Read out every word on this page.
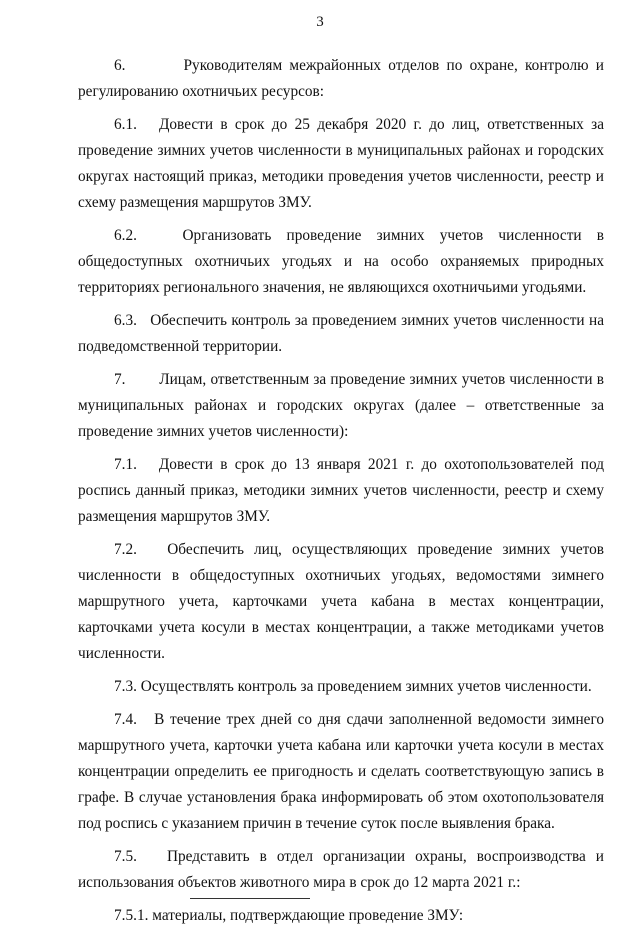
3

6.        Руководителям межрайонных отделов по охране, контролю и регулированию охотничьих ресурсов:

6.1.   Довести в срок до 25 декабря 2020 г. до лиц, ответственных за проведение зимних учетов численности в муниципальных районах и городских округах настоящий приказ, методики проведения учетов численности, реестр и схему размещения маршрутов ЗМУ.

6.2.   Организовать проведение зимних учетов численности в общедоступных охотничьих угодьях и на особо охраняемых природных территориях регионального значения, не являющихся охотничьими угодьями.

6.3.   Обеспечить контроль за проведением зимних учетов численности на подведомственной территории.

7.        Лицам, ответственным за проведение зимних учетов численности в муниципальных районах и городских округах (далее – ответственные за проведение зимних учетов численности):

7.1.   Довести в срок до 13 января 2021 г. до охотопользователей под роспись данный приказ, методики зимних учетов численности, реестр и схему размещения маршрутов ЗМУ.

7.2.   Обеспечить лиц, осуществляющих проведение зимних учетов численности в общедоступных охотничьих угодьях, ведомостями зимнего маршрутного учета, карточками учета кабана в местах концентрации, карточками учета косули в местах концентрации, а также методиками учетов численности.

7.3. Осуществлять контроль за проведением зимних учетов численности.

7.4.   В течение трех дней со дня сдачи заполненной ведомости зимнего маршрутного учета, карточки учета кабана или карточки учета косули в местах концентрации определить ее пригодность и сделать соответствующую запись в графе. В случае установления брака информировать об этом охотопользователя под роспись с указанием причин в течение суток после выявления брака.

7.5.   Представить в отдел организации охраны, воспроизводства и использования объектов животного мира в срок до 12 марта 2021 г.:

7.5.1. материалы, подтверждающие проведение ЗМУ:
